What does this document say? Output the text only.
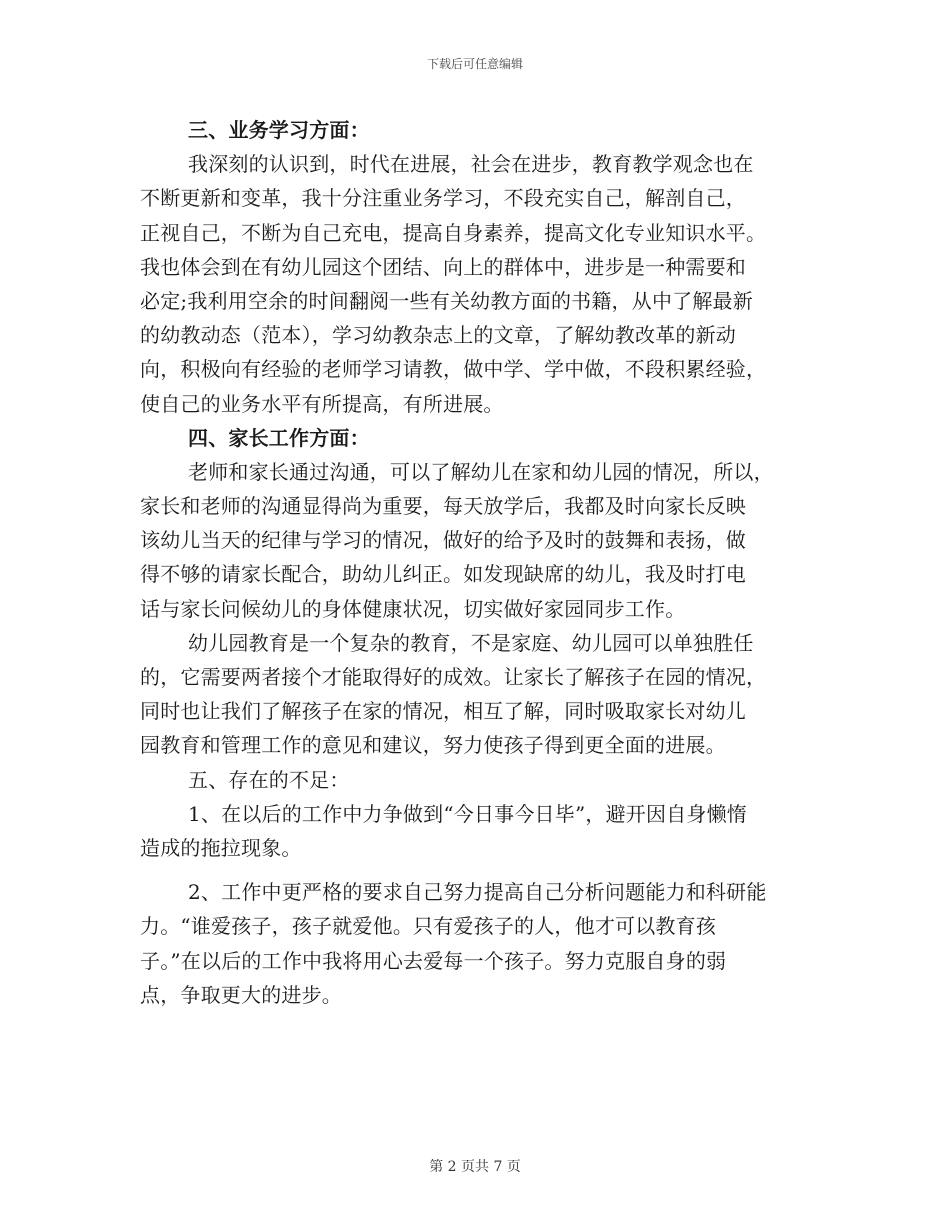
下载后可任意编辑
三、业务学习方面：
我深刻的认识到，时代在进展，社会在进步，教育教学观念也在
不断更新和变革，我十分注重业务学习，不段充实自己，解剖自己，
正视自己，不断为自己充电，提高自身素养，提高文化专业知识水平。
我也体会到在有幼儿园这个团结、向上的群体中，进步是一种需要和
必定;我利用空余的时间翻阅一些有关幼教方面的书籍，从中了解最新
的幼教动态（范本），学习幼教杂志上的文章，了解幼教改革的新动
向，积极向有经验的老师学习请教，做中学、学中做，不段积累经验，
使自己的业务水平有所提高，有所进展。
四、家长工作方面：
老师和家长通过沟通，可以了解幼儿在家和幼儿园的情况，所以，
家长和老师的沟通显得尚为重要，每天放学后，我都及时向家长反映
该幼儿当天的纪律与学习的情况，做好的给予及时的鼓舞和表扬，做
得不够的请家长配合，助幼儿纠正。如发现缺席的幼儿，我及时打电
话与家长问候幼儿的身体健康状况，切实做好家园同步工作。
幼儿园教育是一个复杂的教育，不是家庭、幼儿园可以单独胜任
的，它需要两者接个才能取得好的成效。让家长了解孩子在园的情况，
同时也让我们了解孩子在家的情况，相互了解，同时吸取家长对幼儿
园教育和管理工作的意见和建议，努力使孩子得到更全面的进展。
五、存在的不足：
1、在以后的工作中力争做到“今日事今日毕”，避开因自身懒惰
造成的拖拉现象。
2、工作中更严格的要求自己努力提高自己分析问题能力和科研能
力。“谁爱孩子，孩子就爱他。只有爱孩子的人，他才可以教育孩
子。”在以后的工作中我将用心去爱每一个孩子。努力克服自身的弱
点，争取更大的进步。
第 2 页共 7 页
